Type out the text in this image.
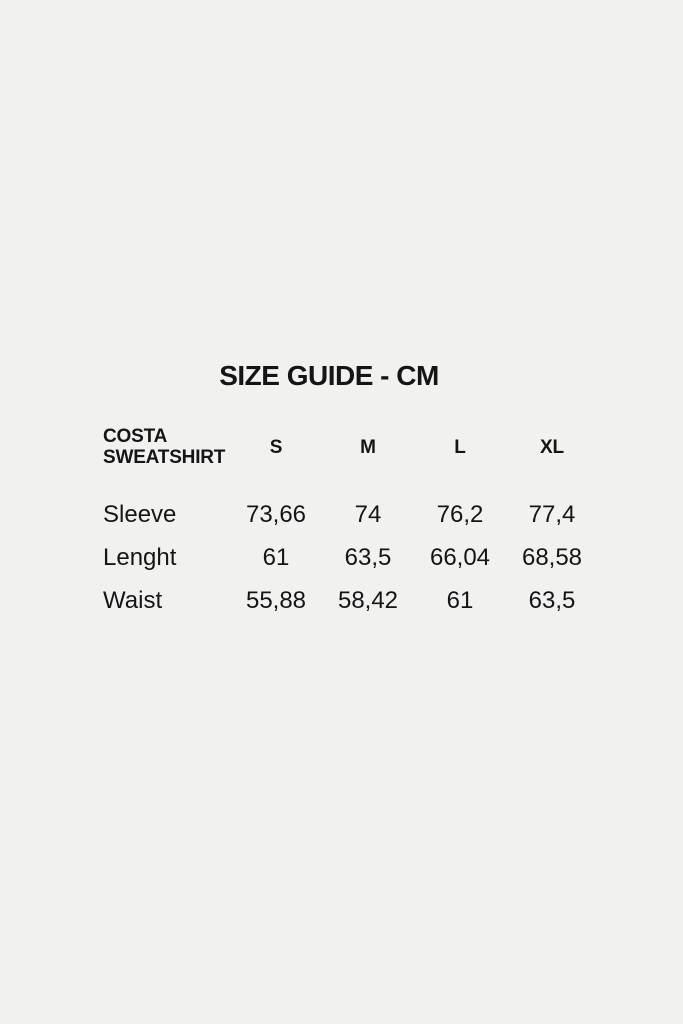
SIZE GUIDE - CM
COSTA SWEATSHIRT	S	M	L	XL
Sleeve	73,66	74	76,2	77,4
Lenght	61	63,5	66,04	68,58
Waist	55,88	58,42	61	63,5
